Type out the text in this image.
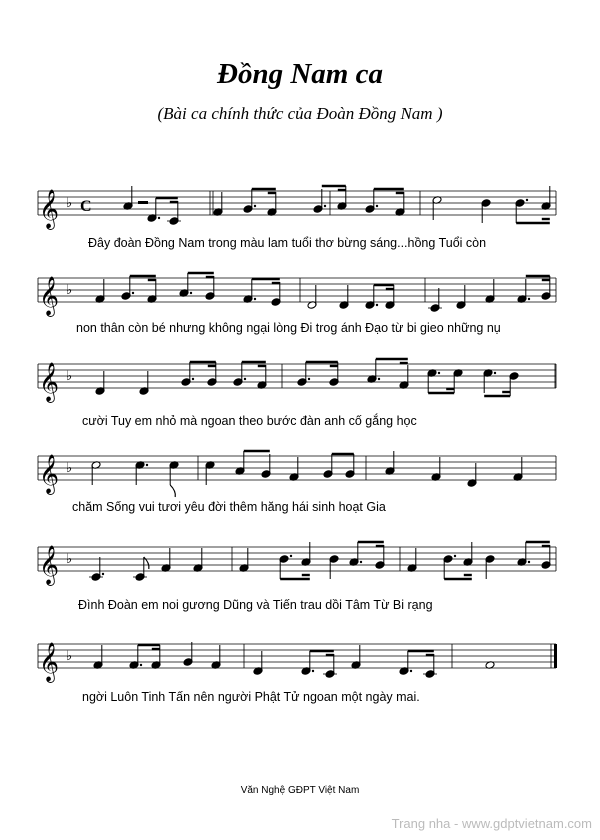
Đồng Nam ca
(Bài ca chính thức của Đoàn Đồng Nam )
𝄞 ♭ C
Đây đoàn Đồng Nam trong màu lam tuổi thơ bừng sáng...hồng Tuổi còn
𝄞 ♭
non thân còn bé nhưng không ngại lòng Đi trog ánh Đạo từ bi gieo những nụ
𝄞 ♭
cười Tuy em nhỏ mà ngoan theo bước đàn anh cố gắng học
𝄞 ♭
chăm Sống vui tươi yêu đời thêm hăng hái sinh hoạt Gia
𝄞 ♭
Đình Đoàn em noi gương Dũng và Tiến trau dồi Tâm Từ Bi rạng
𝄞 ♭
ngời Luôn Tinh Tấn nên người Phật Tử ngoan một ngày mai.
Văn Nghệ GĐPT Việt Nam
Trang nha - www.gdptvietnam.com
